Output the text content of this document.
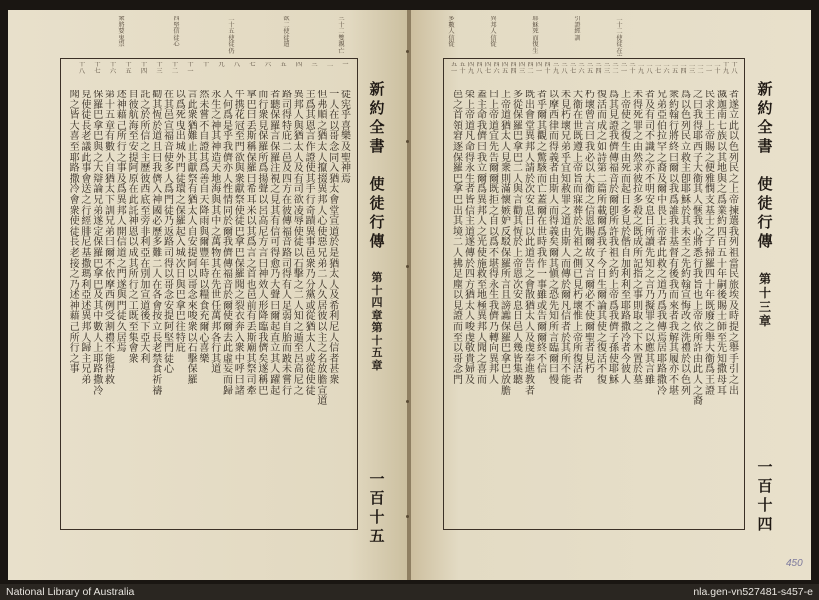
新約全書
使徒行傳
第十四章　第十五章
一百十五
三十二雙親亡
欲二使徒遣
二十五使徒仍
四堅信徒心
衆將要鬼祟
徒宪乎喜樂及聖神焉
一人在以哥念同入猶太會堂宣道於是猶太人及希利尼人信者甚衆
但弗順之猶太人攛掇異邦人心使惡兄弟二人久居彼以主之名放膽宣道
主爲其恩言作證使其手行奇蹟異事邑衆乃分黨或從猶太人或從使徒
異邦人與猶太人及有司欲凌辱使徒以石擊之二人知之遁至呂高尼之
路司得特庇二邑及四方在彼傳福音路司得有人足弱自胎而跛未嘗行
者聽保羅言保羅注視之見其有信可得愈乃大聲曰爾起直立其人躍起
而行衆見保羅所爲揚聲以呂高尼方言曰神效人形降臨我儕矣遂稱巴
拿巴曰丢斯稱保羅曰希耳米以其爲言之首也邑前有丢斯廟其祭司牽
牛携花冠至門欲與衆獻祭使徒巴拿巴保羅聞之裂衣奔入衆中呼曰諸
人何爲是乎我儕亦人性情同於爾我儕傳福音於爾使爾去此虛妄而歸
永生之神其神造天地海與其中之萬物其在先世任萬邦各行其道
然未嘗不自證其爲善自天降雨與爾豐年時以糧食充爾心喜樂
言此衆猶難止其獻祭有猶太人自安提阿以哥念來唆衆以石擊保羅
以爲死曳出城外門徒環之保羅起入城次日與巴拿巴往特庇
在其邑宣福音使多人爲門徒乃返路司得以哥念安提阿堅門徒心
勸其恆於道且曰我儕入神國必歷多難二人在各會按立長老禁食祈禱
託之於所信之主歷彼西底至旁非利亞在別加宣道後下亞大利
自彼航海至安提阿原在此託神恩以成其所行之工既至集會衆
述神藉己所行之事及爲異邦人開信道之門遂與門徒久居焉
第十五章有數人自猶太下訓兄弟曰爾不依摩西例受割禮不能得救
保羅巴拿巴與之大辯論兄弟遂定保羅巴拿巴及其中數人上耶路撒冷
見使徒長老議此事會送之行經腓尼基撒瑪利亞述異邦人歸主兄弟
聞之皆大喜至耶路撒冷會衆使徒長老接之乃述神藉己所行之事
一
二
三
四
五
六
七
八
九
十
十一
十二
十三
十四
十五
十六
十七
十八
新約全書
使徒行傳
第十三章
一百十四
二十二使徒在
引證經訓
耶穌死而復生
異邦人信從
多數人信從
者遂立此以色列民之上帝揀選我列祖當民旅埃及時提之舉手引之出
滅迦南七族以其地與之爲業約四百五十年嗣後賜士師至先知撒母耳
民求王上帝賜之便雅憫支基士之子掃羅四十年既廢之舉大衞爲王證
之曰我得耶西子大衞其人愜我心將悉行我旨也上帝依所許由此人之裔
爲以色列民立救主卽耶穌於其未至之先約翰宣悔改之洗禮於以色列
衆約翰行將終曰爾以我爲誰我非基督有後我而來者我解其履亦不堪
兄弟亞伯拉罕之裔及爾中畏上帝者此救之道乃爲我傳焉居耶路撒冷
者及有司不識之亦不明安息日所讀先知之言乃擬罪之以應其言雖
未得死罪之由然求彼拉多殺之既成所記指之事則取之下木置於墓
上帝使之復生由死而起日多見於偕自加利利至耶路撒冷者今彼人
爲其見證我儕傳福音於爾卽所許我祖之約上帝爲我儕子孫使耶穌
復活而成之如詩第二篇所載爾爲我子今日生爾論其使之復活不復
朽壞曾言曰我必以大衞之信恩賜爾故又言爾必不使爾聖者見朽
大衞在世既遵上帝旨而寐葬於先祖之側已見朽壞惟上帝所復活者
未見朽壞兄弟乎宜知赦罪之道由斯人而傳於爾凡信者於其所不能
以摩西律而得義者由斯人而得義矣爾其愼之恐先知所言臨爾曰慢
者乎爾其觀之驚駭而亡蓋爾在世時我作一事雖或告爾爾終不信
既出會堂異邦人請於次安息日以此道告之會散猶太人及虔奉進教者
多從保羅巴拿巴二人與言勸其恆於上帝恩次安息日邑人幾皆集聽
上帝道猶太人見衆則滿懷嫉妒反駁保羅所言且謗讟保羅巴拿巴放膽
曰上帝道宜先告爾爾既拒之自以爲不堪得永生我儕乃轉向異邦人
蓋主命我儕曰我立爾爲異邦人之光使施救至地極異邦人聞之喜而
榮上帝道凡命得永生者皆信主道遂傳於四方猶太人唆虔敬貴婦及
邑之首領窘逐保羅巴拿巴出其境二人拂足塵以見證而至以哥念門
十八
十九
二十
二一
二二
二三
二四
二五
二六
二七
二八
二九
三十
三一
三二
三三
三四
三五
三六
三七
三八
三九
四十
四一
四二
四三
四四
四五
四六
四七
四八
四九
五十
五一
450
National Library of Australia	nla.gen-vn527481-s457-e
